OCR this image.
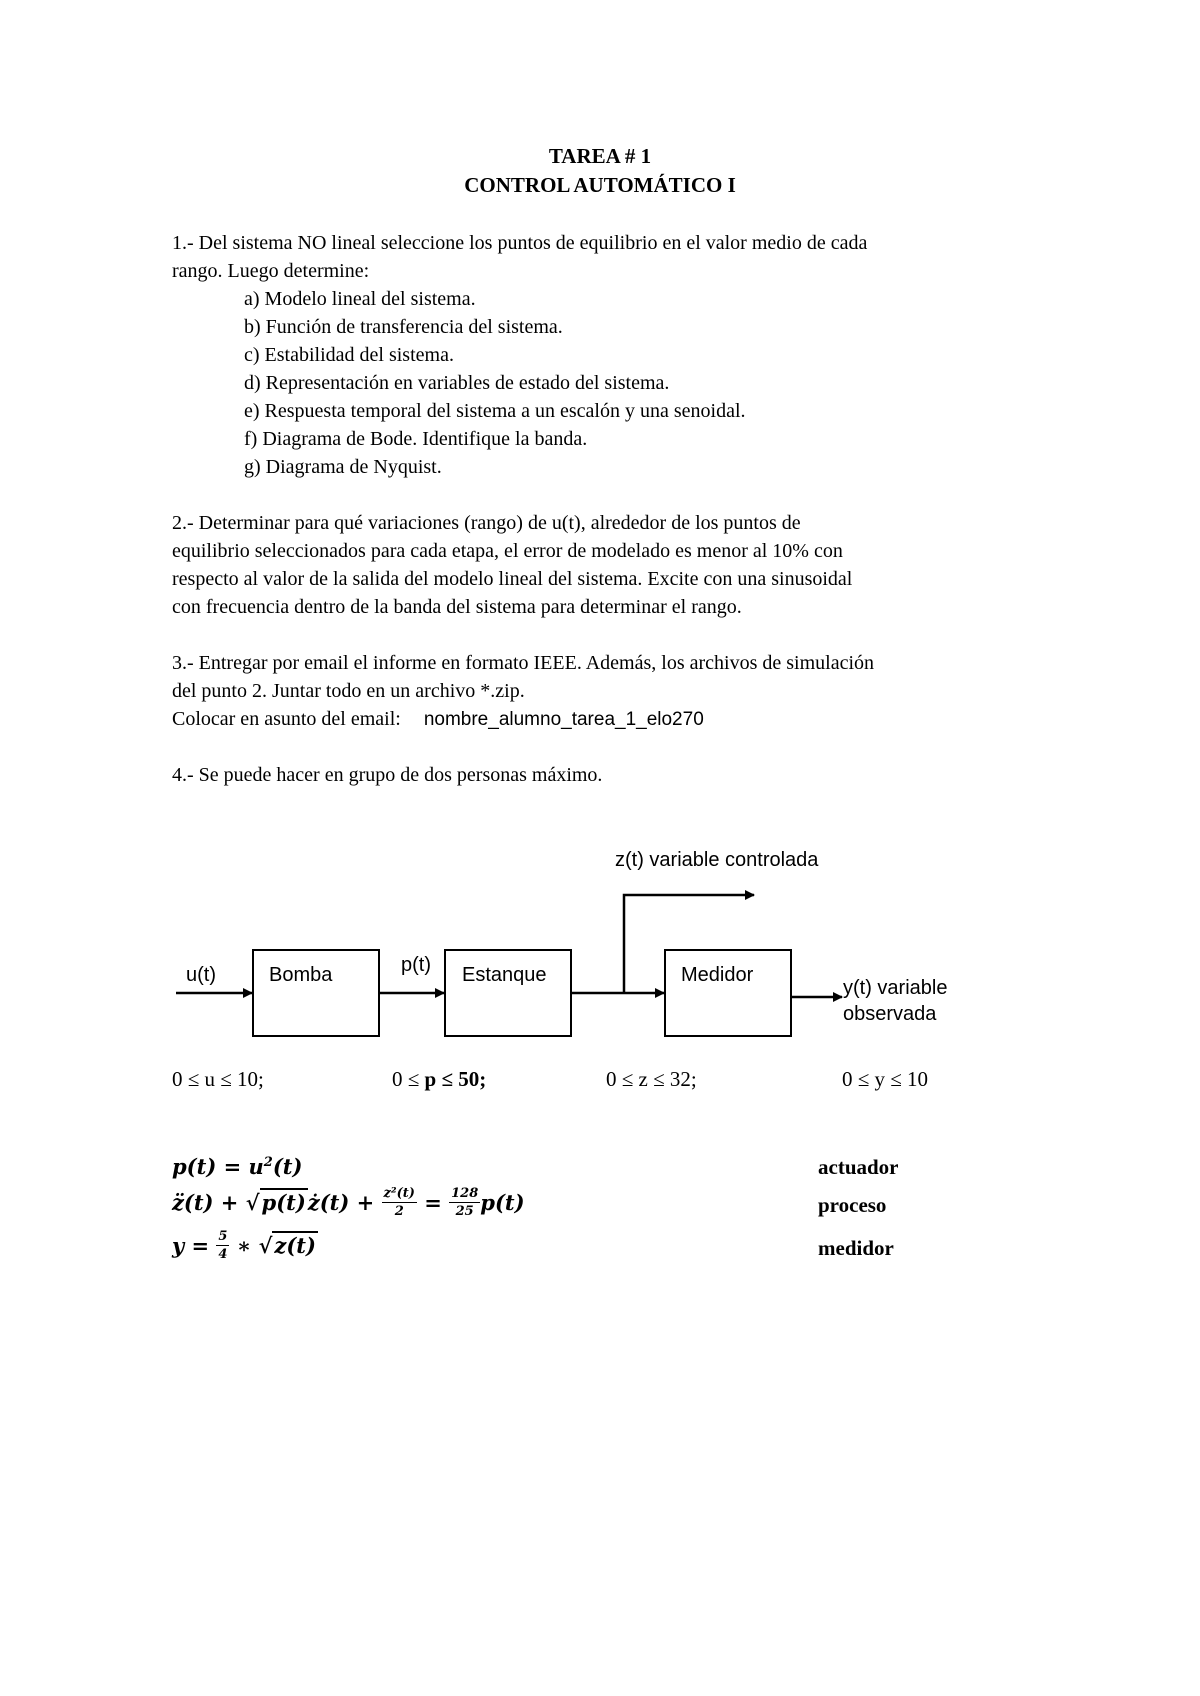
TAREA # 1
CONTROL AUTOMÁTICO I
1.- Del sistema NO lineal seleccione los puntos de equilibrio en el valor medio de cada
rango. Luego determine:
a) Modelo lineal del sistema.
b) Función de transferencia del sistema.
c) Estabilidad del sistema.
d) Representación en variables de estado del sistema.
e) Respuesta temporal del sistema a un escalón y una senoidal.
f) Diagrama de Bode. Identifique la banda.
g) Diagrama de Nyquist.
2.- Determinar para qué variaciones (rango) de u(t), alrededor de los puntos de
equilibrio seleccionados para cada etapa, el error de modelado es menor al 10% con
respecto al valor de la salida del modelo lineal del sistema. Excite con una sinusoidal
con frecuencia dentro de la banda del sistema para determinar el rango.
3.- Entregar por email el informe en formato IEEE. Además, los archivos de simulación
del punto 2. Juntar todo en un archivo *.zip.
Colocar en asunto del email: nombre_alumno_tarea_1_elo270
4.- Se puede hacer en grupo de dos personas máximo.
z(t) variable controlada
u(t)	Bomba	p(t) Estanque	Medidor
y(t) variable
observada
0 ≤ u ≤ 10;	0 ≤ p ≤ 50;	0 ≤ z ≤ 32;	0 ≤ y ≤ 10
$p(t) = u^2(t)$	actuador
z̈(t) + √p(t)ż(t) + $\frac{\text{z²(t)}}{2} = \frac{128}{25} p(t)$	proceso
$y = \frac{5}{4}$ ∗ √z(t)	medidor
